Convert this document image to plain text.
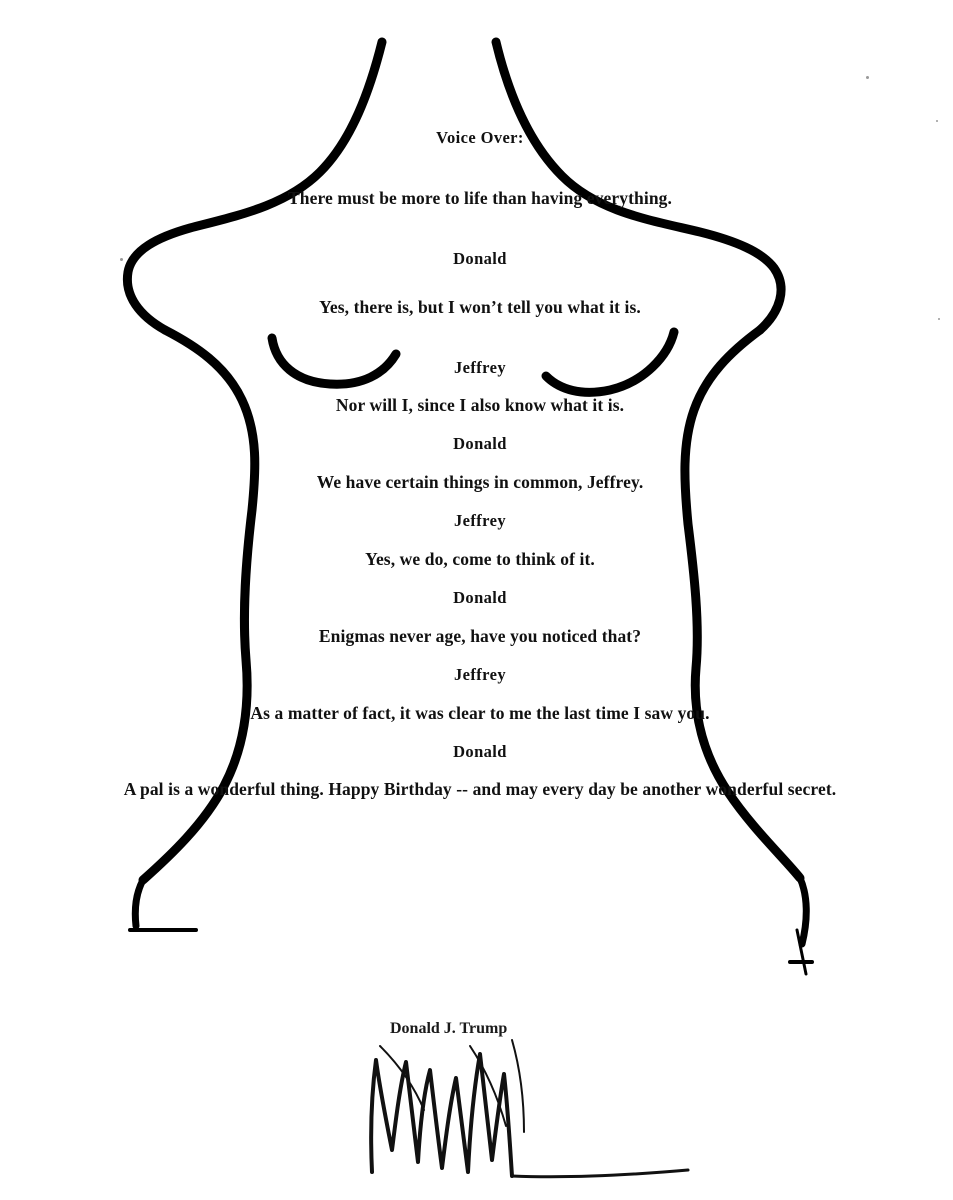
Voice Over:

There must be more to life than having everything.

Donald

Yes, there is, but I won’t tell you what it is.

Jeffrey

Nor will I, since I also know what it is.

Donald

We have certain things in common, Jeffrey.

Jeffrey

Yes, we do, come to think of it.

Donald

Enigmas never age, have you noticed that?

Jeffrey

As a matter of fact, it was clear to me the last time I saw you.

Donald

A pal is a wonderful thing. Happy Birthday -- and may every day be another wonderful secret.

Donald J. Trump
